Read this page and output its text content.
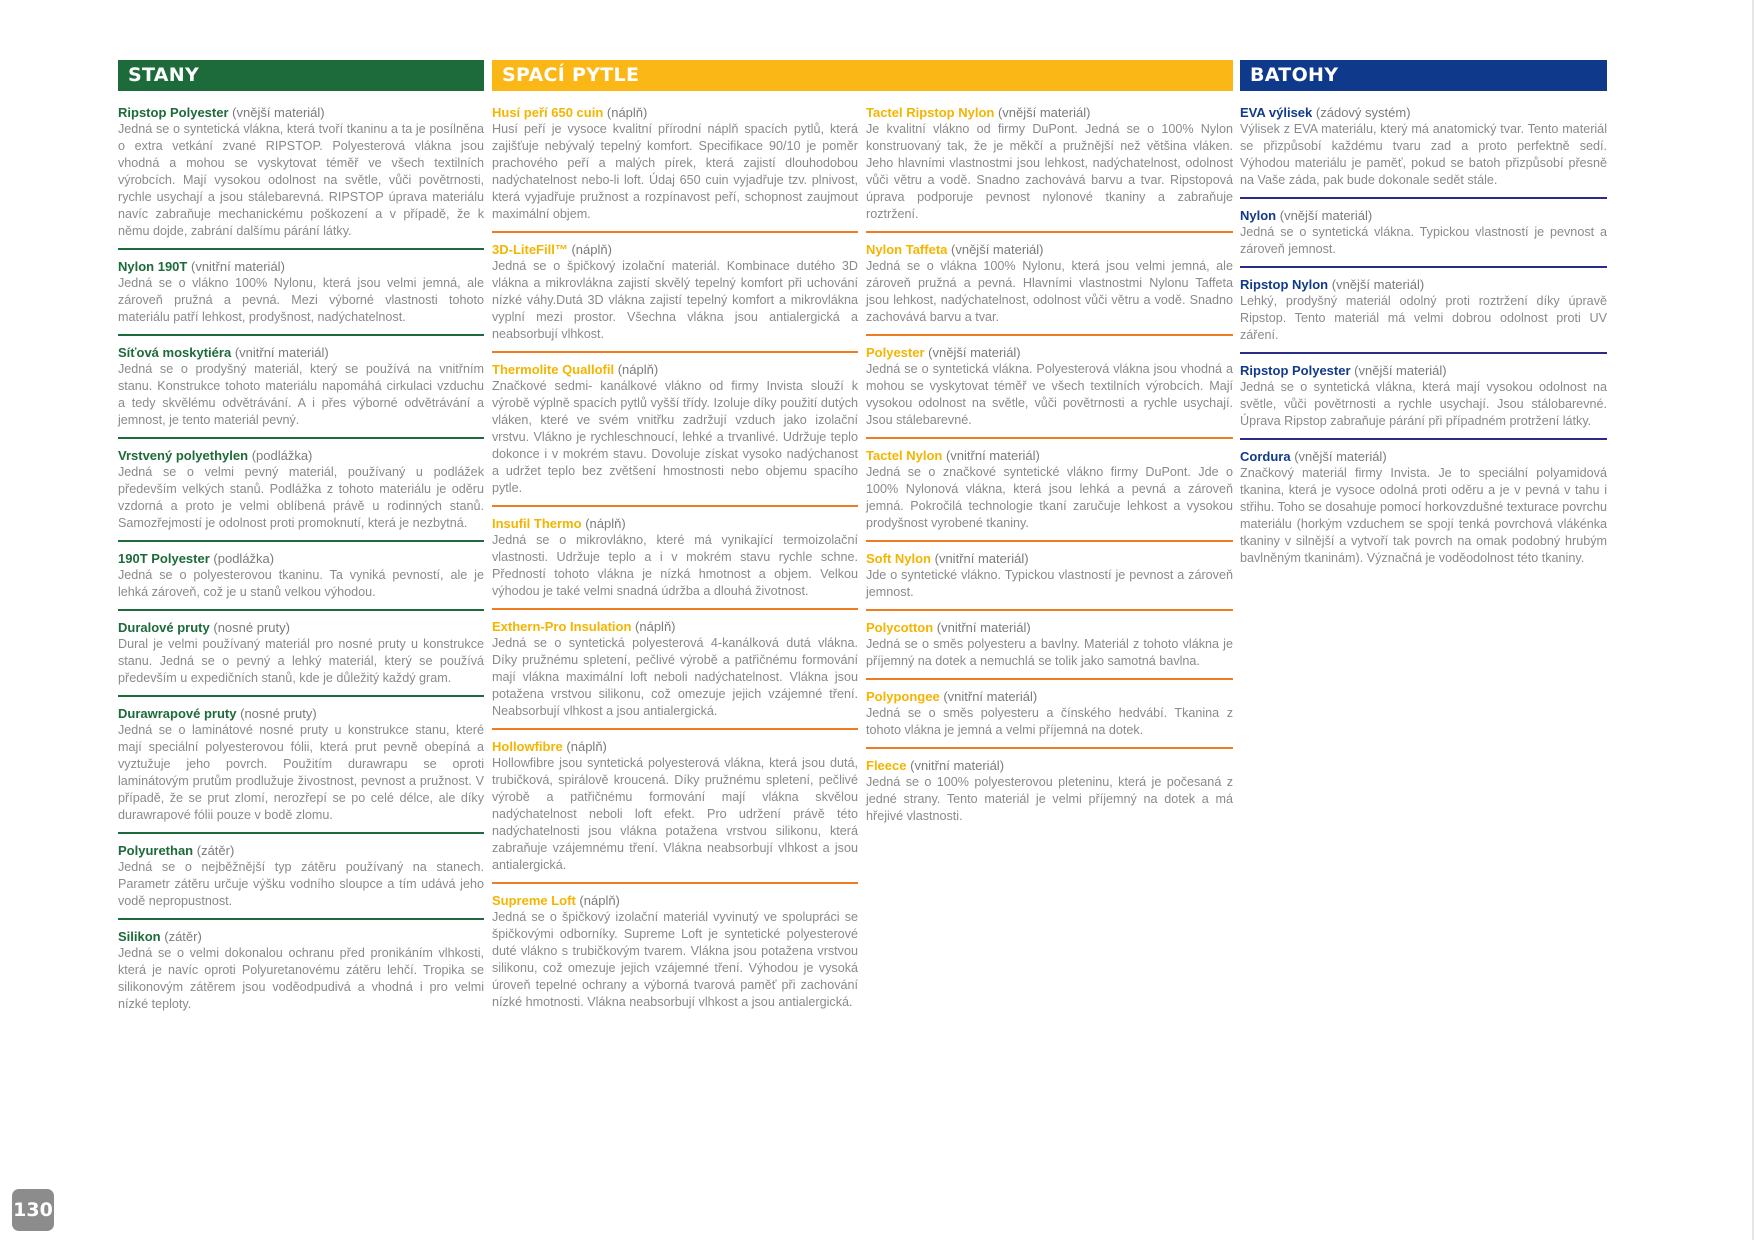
STANY	SPACÍ PYTLE	BATOHY
Ripstop Polyester (vnější materiál)

Jedná se o syntetická vlákna, která tvoří tkaninu a ta je posílněna o extra vetkání zvané RIPSTOP. Polyesterová vlákna jsou vhodná a mohou se vyskytovat téměř ve všech textilních výrobcích. Mají vysokou odolnost na světle, vůči povětrnosti, rychle usychají a jsou stálebarevná. RIPSTOP úprava materiálu navíc zabraňuje mechanickému poškození a v případě, že k němu dojde, zabrání dalšímu párání látky.

Nylon 190T (vnitřní materiál)

Jedná se o vlákno 100% Nylonu, která jsou velmi jemná, ale zároveň pružná a pevná. Mezi výborné vlastnosti tohoto materiálu patří lehkost, prodyšnost, nadýchatelnost.

Síťová moskytiéra (vnitřní materiál)

Jedná se o prodyšný materiál, který se používá na vnitřním stanu. Konstrukce tohoto materiálu napomáhá cirkulaci vzduchu a tedy skvělému odvětrávání. A i přes výborné odvětrávání a jemnost, je tento materiál pevný.

Vrstvený polyethylen (podlážka)

Jedná se o velmi pevný materiál, používaný u podlážek především velkých stanů. Podlážka z tohoto materiálu je oděru vzdorná a proto je velmi oblíbená právě u rodinných stanů. Samozřejmostí je odolnost proti promoknutí, která je nezbytná.

190T Polyester (podlážka)

Jedná se o polyesterovou tkaninu. Ta vyniká pevností, ale je lehká zároveň, což je u stanů velkou výhodou.

Duralové pruty (nosné pruty)

Dural je velmi používaný materiál pro nosné pruty u konstrukce stanu. Jedná se o pevný a lehký materiál, který se používá především u expedičních stanů, kde je důležitý každý gram.

Durawrapové pruty (nosné pruty)

Jedná se o laminátové nosné pruty u konstrukce stanu, které mají speciální polyesterovou fólii, která prut pevně obepíná a vyztužuje jeho povrch. Použitím durawrapu se oproti laminátovým prutům prodlužuje živostnost, pevnost a pružnost. V případě, že se prut zlomí, nerozřepí se po celé délce, ale díky durawrapové fólii pouze v bodě zlomu.

Polyurethan (zátěr)

Jedná se o nejběžnější typ zátěru používaný na stanech. Parametr zátěru určuje výšku vodního sloupce a tím udává jeho vodě nepropustnost.

Silikon (zátěr)

Jedná se o velmi dokonalou ochranu před pronikáním vlhkosti, která je navíc oproti Polyuretanovému zátěru lehčí. Tropika se silikonovým zátěrem jsou voděodpudivá a vhodná i pro velmi nízké teploty.

Husí peří 650 cuin (náplň)

Husí peří je vysoce kvalitní přírodní náplň spacích pytlů, která zajišťuje nebývalý tepelný komfort. Specifikace 90/10 je poměr prachového peří a malých pírek, která zajistí dlouhodobou nadýchatelnost nebo-li loft. Údaj 650 cuin vyjadřuje tzv. plnivost, která vyjadřuje pružnost a rozpínavost peří, schopnost zaujmout maximální objem.

3D-LiteFill™ (náplň)

Jedná se o špičkový izolační materiál. Kombinace dutého 3D vlákna a mikrovlákna zajistí skvělý tepelný komfort při uchování nízké váhy.Dutá 3D vlákna zajistí tepelný komfort a mikrovlákna vyplní mezi prostor. Všechna vlákna jsou antialergická a neabsorbují vlhkost.

Thermolite Quallofil (náplň)

Značkové sedmi- kanálkové vlákno od firmy Invista slouží k výrobě výplně spacích pytlů vyšší třídy. Izoluje díky použití dutých vláken, které ve svém vnitřku zadržují vzduch jako izolační vrstvu. Vlákno je rychleschnoucí, lehké a trvanlivé. Udržuje teplo dokonce i v mokrém stavu. Dovoluje získat vysoko nadýchanost a udržet teplo bez zvětšení hmostnosti nebo objemu spacího pytle.

Insufil Thermo (náplň)

Jedná se o mikrovlákno, které má vynikající termoizolační vlastnosti. Udržuje teplo a i v mokrém stavu rychle schne. Předností tohoto vlákna je nízká hmotnost a objem. Velkou výhodou je také velmi snadná údržba a dlouhá životnost.

Exthern-Pro Insulation (náplň)

Jedná se o syntetická polyesterová 4-kanálková dutá vlákna. Díky pružnému spletení, pečlivé výrobě a patřičnému formování mají vlákna maximální loft neboli nadýchatelnost. Vlákna jsou potažena vrstvou silikonu, což omezuje jejich vzájemné tření. Neabsorbují vlhkost a jsou antialergická.

Hollowfibre (náplň)

Hollowfibre jsou syntetická polyesterová vlákna, která jsou dutá, trubičková, spirálově kroucená. Díky pružnému spletení, pečlivé výrobě a patřičnému formování mají vlákna skvělou nadýchatelnost neboli loft efekt. Pro udržení právě této nadýchatelnosti jsou vlákna potažena vrstvou silikonu, která zabraňuje vzájemnému tření. Vlákna neabsorbují vlhkost a jsou antialergická.

Supreme Loft (náplň)

Jedná se o špičkový izolační materiál vyvinutý ve spolupráci se špičkovými odborníky. Supreme Loft je syntetické polyesterové duté vlákno s trubičkovým tvarem. Vlákna jsou potažena vrstvou silikonu, což omezuje jejich vzájemné tření. Výhodou je vysoká úroveň tepelné ochrany a výborná tvarová paměť při zachování nízké hmotnosti. Vlákna neabsorbují vlhkost a jsou antialergická.

Tactel Ripstop Nylon (vnější materiál)

Je kvalitní vlákno od firmy DuPont. Jedná se o 100% Nylon konstruovaný tak, že je měkčí a pružnější než většina vláken. Jeho hlavními vlastnostmi jsou lehkost, nadýchatelnost, odolnost vůči větru a vodě. Snadno zachovává barvu a tvar. Ripstopová úprava podporuje pevnost nylonové tkaniny a zabraňuje roztržení.

Nylon Taffeta (vnější materiál)

Jedná se o vlákna 100% Nylonu, která jsou velmi jemná, ale zároveň pružná a pevná. Hlavními vlastnostmi Nylonu Taffeta jsou lehkost, nadýchatelnost, odolnost vůči větru a vodě. Snadno zachovává barvu a tvar.

Polyester (vnější materiál)

Jedná se o syntetická vlákna. Polyesterová vlákna jsou vhodná a mohou se vyskytovat téměř ve všech textilních výrobcích. Mají vysokou odolnost na světle, vůči povětrnosti a rychle usychají. Jsou stálebarevné.

Tactel Nylon (vnitřní materiál)

Jedná se o značkové syntetické vlákno firmy DuPont. Jde o 100% Nylonová vlákna, která jsou lehká a pevná a zároveň jemná. Pokročilá technologie tkaní zaručuje lehkost a vysokou prodyšnost vyrobené tkaniny.

Soft Nylon (vnitřní materiál)

Jde o syntetické vlákno. Typickou vlastností je pevnost a zároveň jemnost.

Polycotton (vnitřní materiál)

Jedná se o směs polyesteru a bavlny. Materiál z tohoto vlákna je příjemný na dotek a nemuchlá se tolik jako samotná bavlna.

Polypongee (vnitřní materiál)

Jedná se o směs polyesteru a čínského hedvábí. Tkanina z tohoto vlákna je jemná a velmi příjemná na dotek.

Fleece (vnitřní materiál)

Jedná se o 100% polyesterovou pleteninu, která je počesaná z jedné strany. Tento materiál je velmi příjemný na dotek a má hřejivé vlastnosti.

EVA výlisek (zádový systém)

Výlisek z EVA materiálu, který má anatomický tvar. Tento materiál se přizpůsobí každému tvaru zad a proto perfektně sedí. Výhodou materiálu je paměť, pokud se batoh přizpůsobí přesně na Vaše záda, pak bude dokonale sedět stále.

Nylon (vnější materiál)

Jedná se o syntetická vlákna. Typickou vlastností je pevnost a zároveň jemnost.

Ripstop Nylon (vnější materiál)

Lehký, prodyšný materiál odolný proti roztržení díky úpravě Ripstop. Tento materiál má velmi dobrou odolnost proti UV záření.

Ripstop Polyester (vnější materiál)

Jedná se o syntetická vlákna, která mají vysokou odolnost na světle, vůči povětrnosti a rychle usychají. Jsou stálobarevné. Úprava Ripstop zabraňuje párání při případném protržení látky.

Cordura (vnější materiál)

Značkový materiál firmy Invista. Je to speciální polyamidová tkanina, která je vysoce odolná proti oděru a je v pevná v tahu i střihu. Toho se dosahuje pomocí horkovzdušné texturace povrchu materiálu (horkým vzduchem se spojí tenká povrchová vlákénka tkaniny v silnější a vytvoří tak povrch na omak podobný hrubým bavlněným tkaninám). Význačná je voděodolnost této tkaniny.

130
